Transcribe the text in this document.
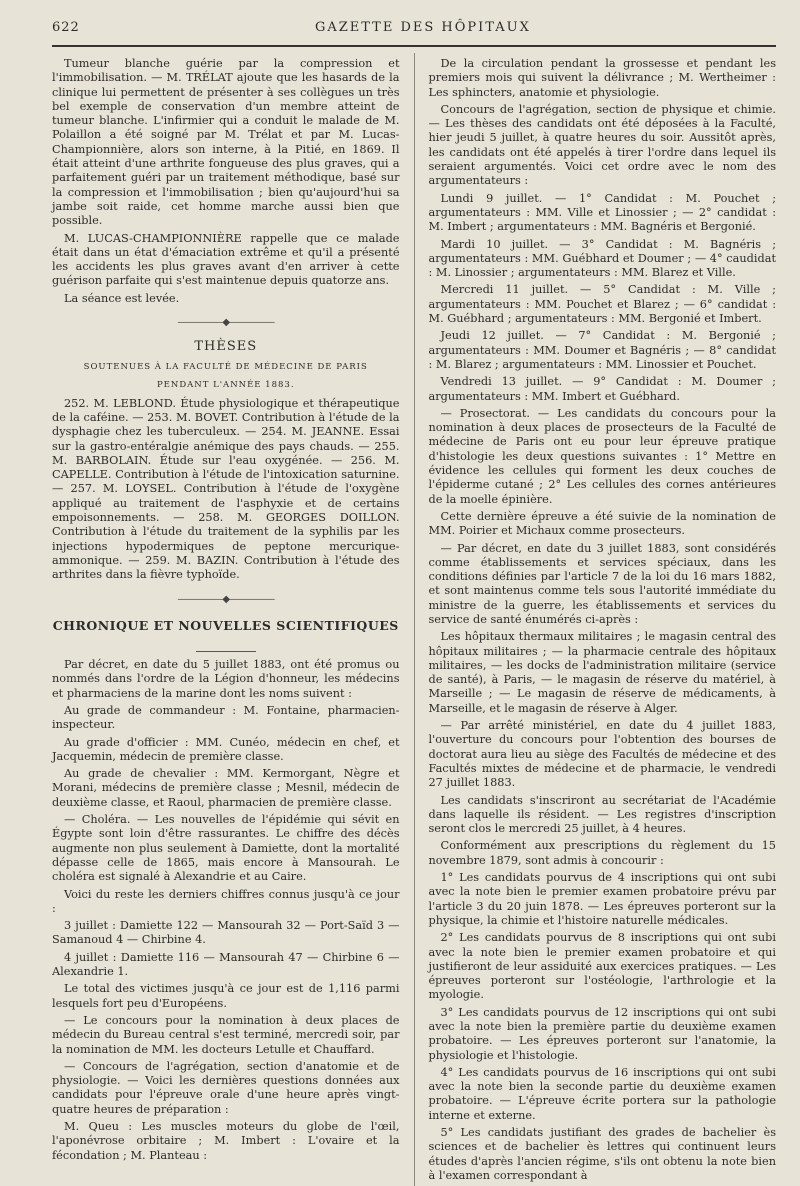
622	GAZETTE DES HÔPITAUX

Tumeur blanche guérie par la compression et l'immobilisation. — M. TRÉLAT ajoute que les hasards de la clinique lui permettent de présenter à ses collègues un très bel exemple de conservation d'un membre atteint de tumeur blanche. L'infirmier qui a conduit le malade de M. Polaillon a été soigné par M. Trélat et par M. Lucas-Championnière, alors son interne, à la Pitié, en 1869. Il était atteint d'une arthrite fongueuse des plus graves, qui a parfaitement guéri par un traitement méthodique, basé sur la compression et l'immobilisation ; bien qu'aujourd'hui sa jambe soit raide, cet homme marche aussi bien que possible.

M. LUCAS-CHAMPIONNIÈRE rappelle que ce malade était dans un état d'émaciation extrême et qu'il a présenté les accidents les plus graves avant d'en arriver à cette guérison parfaite qui s'est maintenue depuis quatorze ans.

La séance est levée.

—————◆—————
THÈSES
SOUTENUES À LA FACULTÉ DE MÉDECINE DE PARIS
PENDANT L'ANNÉE 1883.

252. M. LEBLOND. Étude physiologique et thérapeutique de la caféine. — 253. M. BOVET. Contribution à l'étude de la dysphagie chez les tuberculeux. — 254. M. JEANNE. Essai sur la gastro-entéralgie anémique des pays chauds. — 255. M. BARBOLAIN. Étude sur l'eau oxygénée. — 256. M. CAPELLE. Contribution à l'étude de l'intoxication saturnine. — 257. M. LOYSEL. Contribution à l'étude de l'oxygène appliqué au traitement de l'asphyxie et de certains empoisonnements. — 258. M. GEORGES DOILLON. Contribution à l'étude du traitement de la syphilis par les injections hypodermiques de peptone mercurique-ammonique. — 259. M. BAZIN. Contribution à l'étude des arthrites dans la fièvre typhoïde.

—————◆—————
CHRONIQUE ET NOUVELLES SCIENTIFIQUES

Par décret, en date du 5 juillet 1883, ont été promus ou nommés dans l'ordre de la Légion d'honneur, les médecins et pharmaciens de la marine dont les noms suivent :

Au grade de commandeur : M. Fontaine, pharmacien-inspecteur.

Au grade d'officier : MM. Cunéo, médecin en chef, et Jacquemin, médecin de première classe.

Au grade de chevalier : MM. Kermorgant, Nègre et Morani, médecins de première classe ; Mesnil, médecin de deuxième classe, et Raoul, pharmacien de première classe.

— Choléra. — Les nouvelles de l'épidémie qui sévit en Égypte sont loin d'être rassurantes. Le chiffre des décès augmente non plus seulement à Damiette, dont la mortalité dépasse celle de 1865, mais encore à Mansourah. Le choléra est signalé à Alexandrie et au Caire.

Voici du reste les derniers chiffres connus jusqu'à ce jour :

3 juillet : Damiette 122 — Mansourah 32 — Port-Saïd 3 — Samanoud 4 — Chirbine 4.

4 juillet : Damiette 116 — Mansourah 47 — Chirbine 6 — Alexandrie 1.

Le total des victimes jusqu'à ce jour est de 1,116 parmi lesquels fort peu d'Européens.

— Le concours pour la nomination à deux places de médecin du Bureau central s'est terminé, mercredi soir, par la nomination de MM. les docteurs Letulle et Chauffard.

— Concours de l'agrégation, section d'anatomie et de physiologie. — Voici les dernières questions données aux candidats pour l'épreuve orale d'une heure après vingt-quatre heures de préparation :

M. Queu : Les muscles moteurs du globe de l'œil, l'aponévrose orbitaire ; M. Imbert : L'ovaire et la fécondation ; M. Planteau :

De la circulation pendant la grossesse et pendant les premiers mois qui suivent la délivrance ; M. Wertheimer : Les sphincters, anatomie et physiologie.

Concours de l'agrégation, section de physique et chimie. — Les thèses des candidats ont été déposées à la Faculté, hier jeudi 5 juillet, à quatre heures du soir. Aussitôt après, les candidats ont été appelés à tirer l'ordre dans lequel ils seraient argumentés. Voici cet ordre avec le nom des argumentateurs :

Lundi 9 juillet. — 1° Candidat : M. Pouchet ; argumentateurs : MM. Ville et Linossier ; — 2° candidat : M. Imbert ; argumentateurs : MM. Bagnéris et Bergonié.

Mardi 10 juillet. — 3° Candidat : M. Bagnéris ; argumentateurs : MM. Guébhard et Doumer ; — 4° caudidat : M. Linossier ; argumentateurs : MM. Blarez et Ville.

Mercredi 11 juillet. — 5° Candidat : M. Ville ; argumentateurs : MM. Pouchet et Blarez ; — 6° candidat : M. Guébhard ; argumentateurs : MM. Bergonié et Imbert.

Jeudi 12 juillet. — 7° Candidat : M. Bergonié ; argumentateurs : MM. Doumer et Bagnéris ; — 8° candidat : M. Blarez ; argumentateurs : MM. Linossier et Pouchet.

Vendredi 13 juillet. — 9° Candidat : M. Doumer ; argumentateurs : MM. Imbert et Guébhard.

— Prosectorat. — Les candidats du concours pour la nomination à deux places de prosecteurs de la Faculté de médecine de Paris ont eu pour leur épreuve pratique d'histologie les deux questions suivantes : 1° Mettre en évidence les cellules qui forment les deux couches de l'épiderme cutané ; 2° Les cellules des cornes antérieures de la moelle épinière.

Cette dernière épreuve a été suivie de la nomination de MM. Poirier et Michaux comme prosecteurs.

— Par décret, en date du 3 juillet 1883, sont considérés comme établissements et services spéciaux, dans les conditions définies par l'article 7 de la loi du 16 mars 1882, et sont maintenus comme tels sous l'autorité immédiate du ministre de la guerre, les établissements et services du service de santé énumérés ci-après :

Les hôpitaux thermaux militaires ; le magasin central des hôpitaux militaires ; — la pharmacie centrale des hôpitaux militaires, — les docks de l'administration militaire (service de santé), à Paris, — le magasin de réserve du matériel, à Marseille ; — Le magasin de réserve de médicaments, à Marseille, et le magasin de réserve à Alger.

— Par arrêté ministériel, en date du 4 juillet 1883, l'ouverture du concours pour l'obtention des bourses de doctorat aura lieu au siège des Facultés de médecine et des Facultés mixtes de médecine et de pharmacie, le vendredi 27 juillet 1883.

Les candidats s'inscriront au secrétariat de l'Académie dans laquelle ils résident. — Les registres d'inscription seront clos le mercredi 25 juillet, à 4 heures.

Conformément aux prescriptions du règlement du 15 novembre 1879, sont admis à concourir :

1° Les candidats pourvus de 4 inscriptions qui ont subi avec la note bien le premier examen probatoire prévu par l'article 3 du 20 juin 1878. — Les épreuves porteront sur la physique, la chimie et l'histoire naturelle médicales.

2° Les candidats pourvus de 8 inscriptions qui ont subi avec la note bien le premier examen probatoire et qui justifieront de leur assiduité aux exercices pratiques. — Les épreuves porteront sur l'ostéologie, l'arthrologie et la myologie.

3° Les candidats pourvus de 12 inscriptions qui ont subi avec la note bien la première partie du deuxième examen probatoire. — Les épreuves porteront sur l'anatomie, la physiologie et l'histologie.

4° Les candidats pourvus de 16 inscriptions qui ont subi avec la note bien la seconde partie du deuxième examen probatoire. — L'épreuve écrite portera sur la pathologie interne et externe.

5° Les candidats justifiant des grades de bachelier ès sciences et de bachelier ès lettres qui continuent leurs études d'après l'ancien régime, s'ils ont obtenu la note bien à l'examen correspondant à
